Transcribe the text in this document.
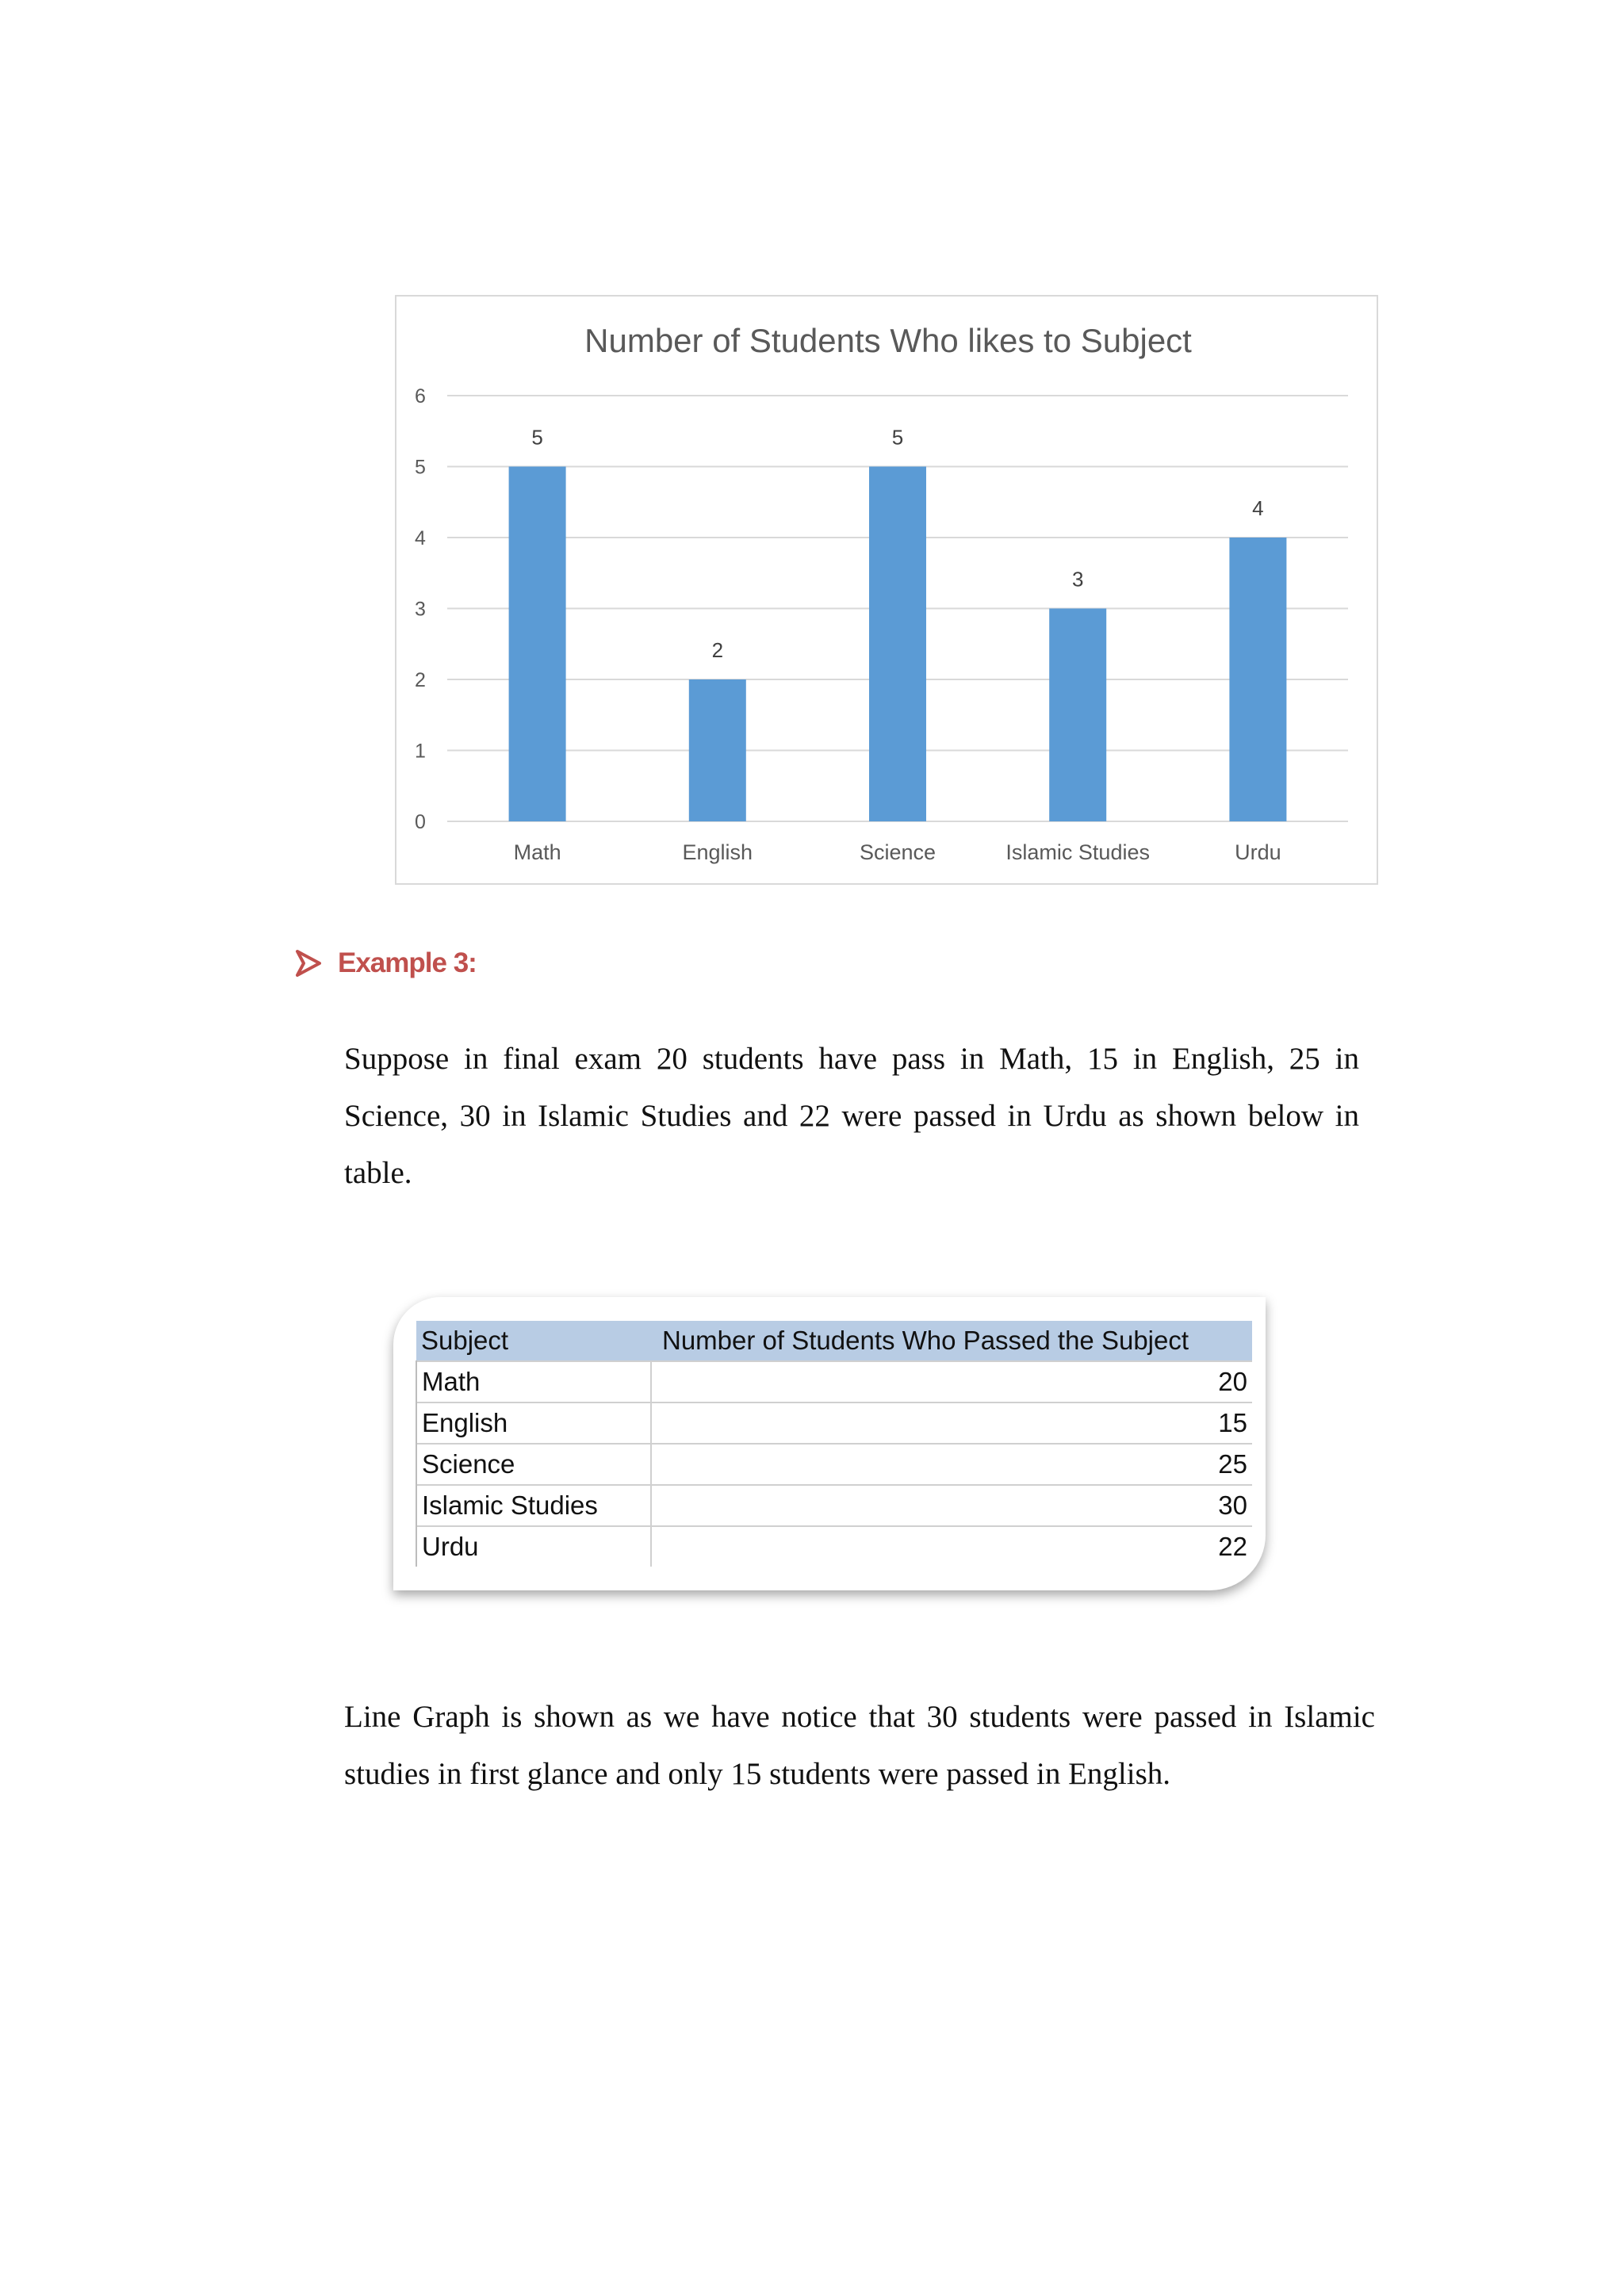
Number of Students Who likes to Subject
0
1
2
3
4
5
6
5
2
5
3
4
Math	English	Science	Islamic Studies	Urdu
Example 3:

Suppose in final exam 20 students have pass in Math, 15 in English, 25 in Science, 30 in Islamic Studies and 22 were passed in Urdu as shown below in table.

Subject	Number of Students Who Passed the Subject
Math	20
English	15
Science	25
Islamic Studies	30
Urdu	22

Line Graph is shown as we have notice that 30 students were passed in Islamic studies in first glance and only 15 students were passed in English.
